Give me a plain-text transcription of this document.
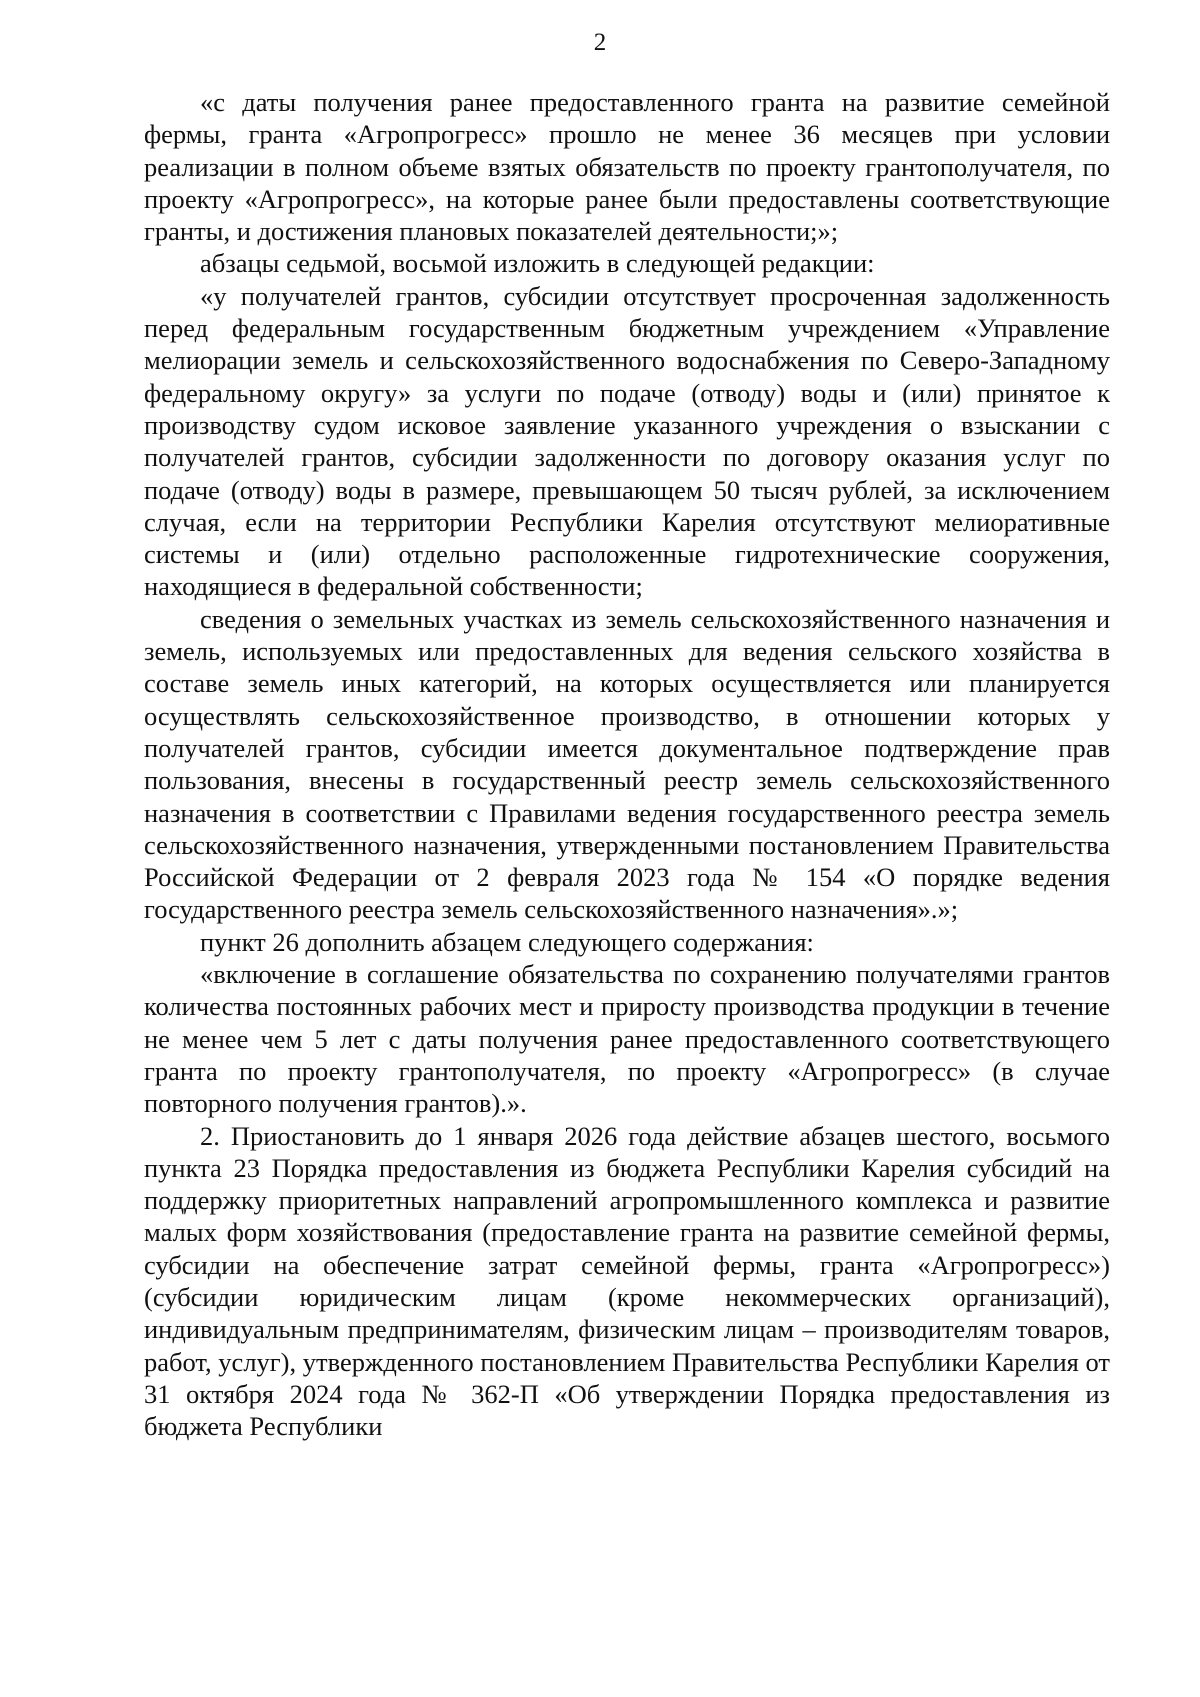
2

«с даты получения ранее предоставленного гранта на развитие семейной фермы, гранта «Агропрогресс» прошло не менее 36 месяцев при условии реализации в полном объеме взятых обязательств по проекту грантополучателя, по проекту «Агропрогресс», на которые ранее были предоставлены соответствующие гранты, и достижения плановых показателей деятельности;»;

абзацы седьмой, восьмой изложить в следующей редакции:

«у получателей грантов, субсидии отсутствует просроченная задолженность перед федеральным государственным бюджетным учреждением «Управление мелиорации земель и сельскохозяйственного водоснабжения по Северо-Западному федеральному округу» за услуги по подаче (отводу) воды и (или) принятое к производству судом исковое заявление указанного учреждения о взыскании с получателей грантов, субсидии задолженности по договору оказания услуг по подаче (отводу) воды в размере, превышающем 50 тысяч рублей, за исключением случая, если на территории Республики Карелия отсутствуют мелиоративные системы и (или) отдельно расположенные гидротехнические сооружения, находящиеся в федеральной собственности;

сведения о земельных участках из земель сельскохозяйственного назначения и земель, используемых или предоставленных для ведения сельского хозяйства в составе земель иных категорий, на которых осуществляется или планируется осуществлять сельскохозяйственное производство, в отношении которых у получателей грантов, субсидии имеется документальное подтверждение прав пользования, внесены в государственный реестр земель сельскохозяйственного назначения в соответствии с Правилами ведения государственного реестра земель сельскохозяйственного назначения, утвержденными постановлением Правительства Российской Федерации от 2 февраля 2023 года № 154 «О порядке ведения государственного реестра земель сельскохозяйственного назначения».»;

пункт 26 дополнить абзацем следующего содержания:

«включение в соглашение обязательства по сохранению получателями грантов количества постоянных рабочих мест и приросту производства продукции в течение не менее чем 5 лет с даты получения ранее предоставленного соответствующего гранта по проекту грантополучателя, по проекту «Агропрогресс» (в случае повторного получения грантов).».

2. Приостановить до 1 января 2026 года действие абзацев шестого, восьмого пункта 23 Порядка предоставления из бюджета Республики Карелия субсидий на поддержку приоритетных направлений агропромышленного комплекса и развитие малых форм хозяйствования (предоставление гранта на развитие семейной фермы, субсидии на обеспечение затрат семейной фермы, гранта «Агропрогресс») (субсидии юридическим лицам (кроме некоммерческих организаций), индивидуальным предпринимателям, физическим лицам – производителям товаров, работ, услуг), утвержденного постановлением Правительства Республики Карелия от 31 октября 2024 года № 362-П «Об утверждении Порядка предоставления из бюджета Республики
